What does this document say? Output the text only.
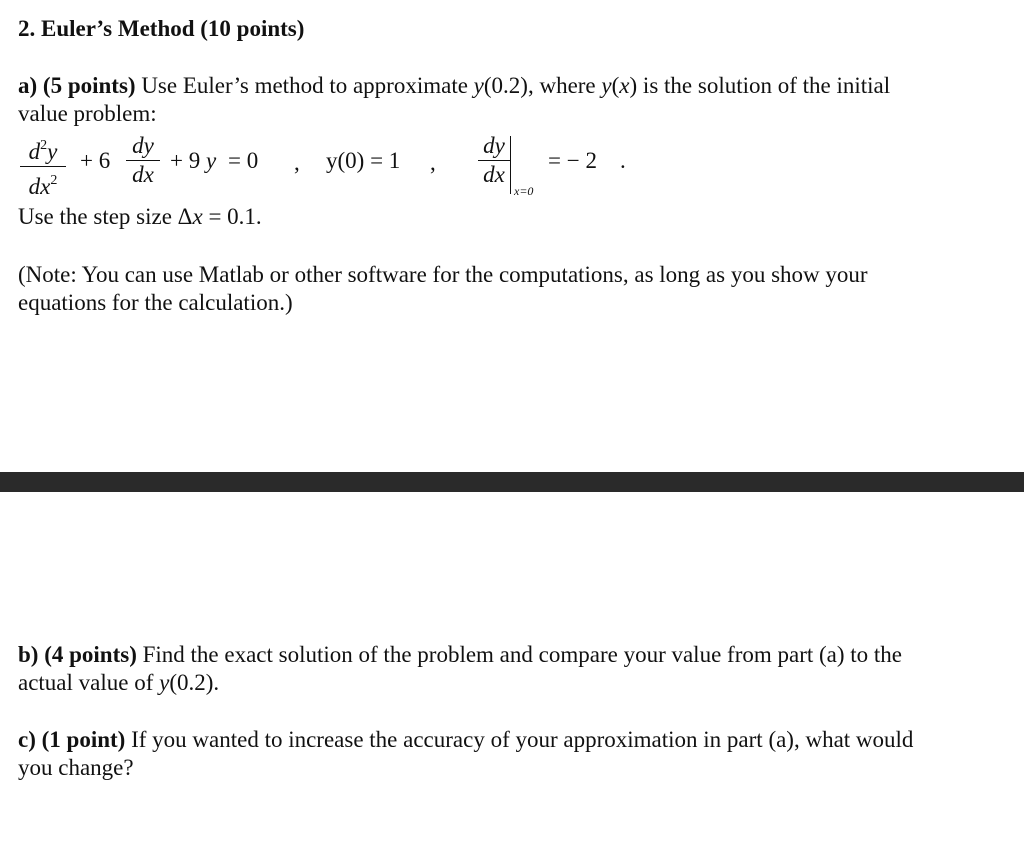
2. Euler’s Method (10 points)
a) (5 points) Use Euler’s method to approximate y(0.2), where y(x) is the solution of the initial
value problem:
$d^2y$
$dx^2$
+ 6
dy
dx
+ 9 y = 0 , y(0) = 1 ,
dy
dx
x=0
= − 2 .
Use the step size Δx = 0.1.
(Note: You can use Matlab or other software for the computations, as long as you show your
equations for the calculation.)
b) (4 points) Find the exact solution of the problem and compare your value from part (a) to the
actual value of y(0.2).
c) (1 point) If you wanted to increase the accuracy of your approximation in part (a), what would
you change?
